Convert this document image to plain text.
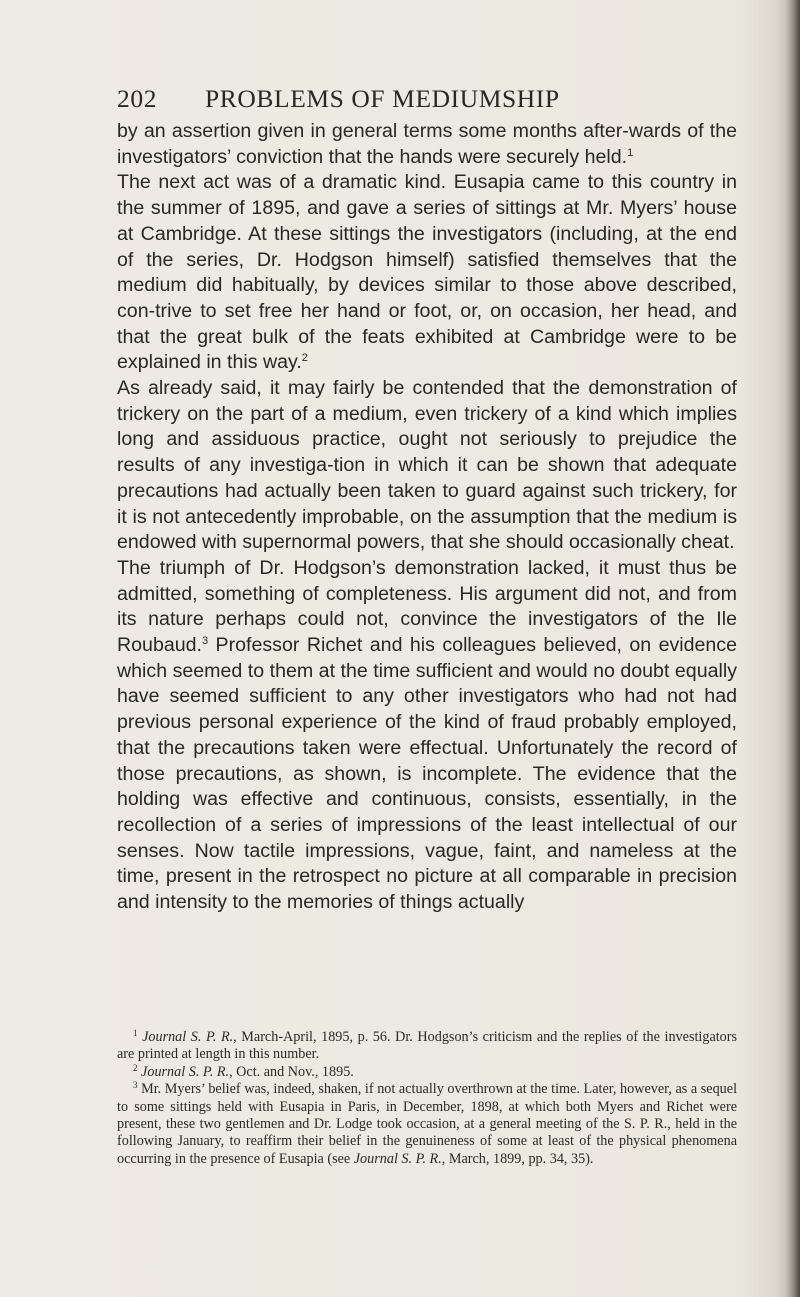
202 PROBLEMS OF MEDIUMSHIP

by an assertion given in general terms some months after-wards of the investigators’ conviction that the hands were securely held.$^1$

The next act was of a dramatic kind. Eusapia came to this country in the summer of 1895, and gave a series of sittings at Mr. Myers’ house at Cambridge. At these sittings the investigators (including, at the end of the series, Dr. Hodgson himself) satisfied themselves that the medium did habitually, by devices similar to those above described, con-trive to set free her hand or foot, or, on occasion, her head, and that the great bulk of the feats exhibited at Cambridge were to be explained in this way.$^2$

As already said, it may fairly be contended that the demonstration of trickery on the part of a medium, even trickery of a kind which implies long and assiduous practice, ought not seriously to prejudice the results of any investiga-tion in which it can be shown that adequate precautions had actually been taken to guard against such trickery, for it is not antecedently improbable, on the assumption that the medium is endowed with supernormal powers, that she should occasionally cheat.

The triumph of Dr. Hodgson’s demonstration lacked, it must thus be admitted, something of completeness. His argument did not, and from its nature perhaps could not, convince the investigators of the Ile Roubaud.$^3$ Professor Richet and his colleagues believed, on evidence which seemed to them at the time sufficient and would no doubt equally have seemed sufficient to any other investigators who had not had previous personal experience of the kind of fraud probably employed, that the precautions taken were effectual. Unfortunately the record of those precautions, as shown, is incomplete. The evidence that the holding was effective and continuous, consists, essentially, in the recollection of a series of impressions of the least intellectual of our senses. Now tactile impressions, vague, faint, and nameless at the time, present in the retrospect no picture at all comparable in precision and intensity to the memories of things actually

$^1$ Journal S. P. R., March-April, 1895, p. 56. Dr. Hodgson’s criticism and the replies of the investigators are printed at length in this number.

$^2$ Journal S. P. R., Oct. and Nov., 1895.

$^3$ Mr. Myers’ belief was, indeed, shaken, if not actually overthrown at the time. Later, however, as a sequel to some sittings held with Eusapia in Paris, in December, 1898, at which both Myers and Richet were present, these two gentlemen and Dr. Lodge took occasion, at a general meeting of the S. P. R., held in the following January, to reaffirm their belief in the genuineness of some at least of the physical phenomena occurring in the presence of Eusapia (see Journal S. P. R., March, 1899, pp. 34, 35).
